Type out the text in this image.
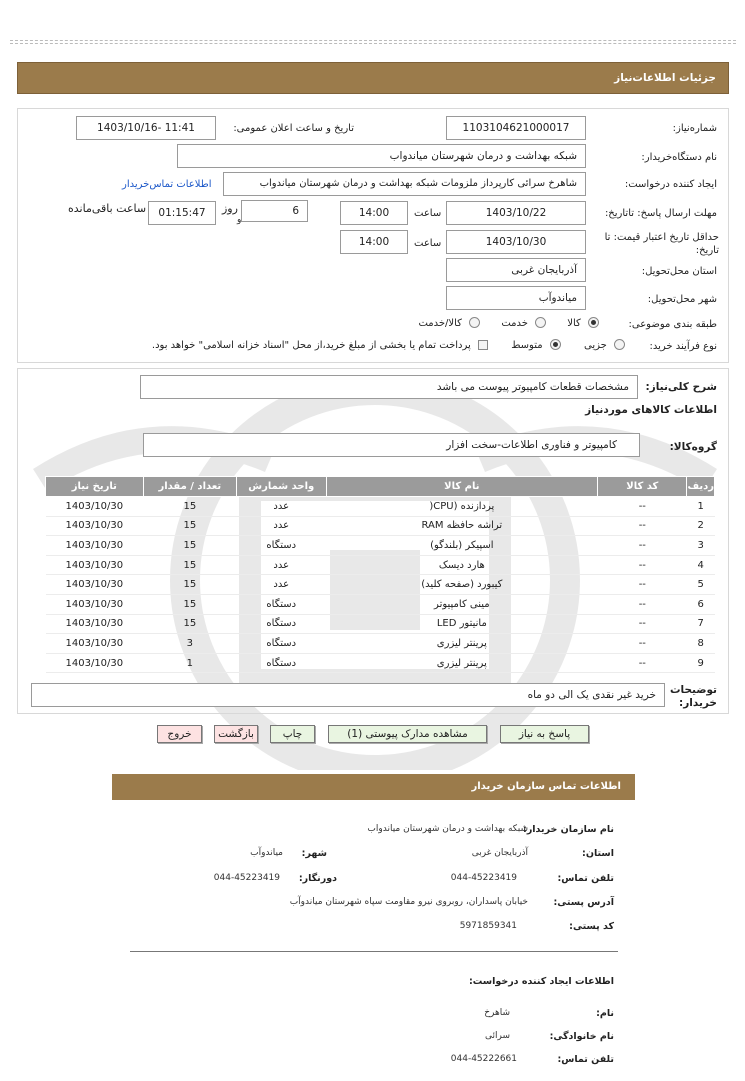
جزئیات اطلاعات‌نیاز
شماره‌نیاز:
1103104621000017
تاریخ و ساعت اعلان عمومی:
1403/10/16- 11:41
نام دستگاه‌خریدار:
شبکه بهداشت و درمان شهرستان میاندواب
ایجاد کننده درخواست:
شاهرخ سرائی کارپرداز ملزومات شبکه بهداشت و درمان شهرستان میاندواب
اطلاعات تماس‌خریدار
مهلت ارسال پاسخ: تاتاریخ:
1403/10/22
ساعت
14:00
6
روز
و
01:15:47
ساعت باقی‌مانده
حداقل تاریخ اعتبار قیمت: تا تاریخ:
1403/10/30
ساعت
14:00
استان محل‌تحویل:
آذربایجان غربی
شهر محل‌تحویل:
میاندوآب
طبقه بندی موضوعی:
کالا  خدمت  کالا/خدمت
نوع فرآیند خرید:
جزیی  متوسط  پرداخت تمام یا بخشی از مبلغ خرید،از محل "اسناد خزانه اسلامی" خواهد بود.
شرح کلی‌نیاز:
مشخصات قطعات کامپیوتر پیوست می باشد
اطلاعات کالاهای موردنیاز
گروه‌کالا:
کامپیوتر و فناوری اطلاعات-سخت افزار
ردیف	کد کالا	نام کالا	واحد شمارش	تعداد / مقدار	تاریخ نیاز
1	--	پردازنده (CPU(	عدد	15	1403/10/30
2	--	تراشه حافظه RAM	عدد	15	1403/10/30
3	--	اسپیکر (بلندگو)	دستگاه	15	1403/10/30
4	--	هارد دیسک	عدد	15	1403/10/30
5	--	کیبورد (صفحه کلید)	عدد	15	1403/10/30
6	--	مینی کامپیوتر	دستگاه	15	1403/10/30
7	--	مانیتور LED	دستگاه	15	1403/10/30
8	--	پرینتر لیزری	دستگاه	3	1403/10/30
9	--	پرینتر لیزری	دستگاه	1	1403/10/30
توضیحات خریدار:
خرید غیر نقدی یک الی دو ماه
پاسخ به نیاز
مشاهده مدارک پیوستی (1)
چاپ
بازگشت
خروج
اطلاعات تماس سازمان خریدار
نام سازمان خریدار:
شبکه بهداشت و درمان شهرستان میاندواب
استان:
آذربایجان غربی
شهر:
میاندوآب
تلفن تماس:
044-45223419
دورنگار:
044-45223419
آدرس پستی:
خیابان پاسداران، روبروی نیرو مقاومت سپاه شهرستان میاندوآب
کد پستی:
5971859341
اطلاعات ایجاد کننده درخواست:
نام:
شاهرخ
نام خانوادگی:
سرائی
تلفن تماس:
044-45222661
